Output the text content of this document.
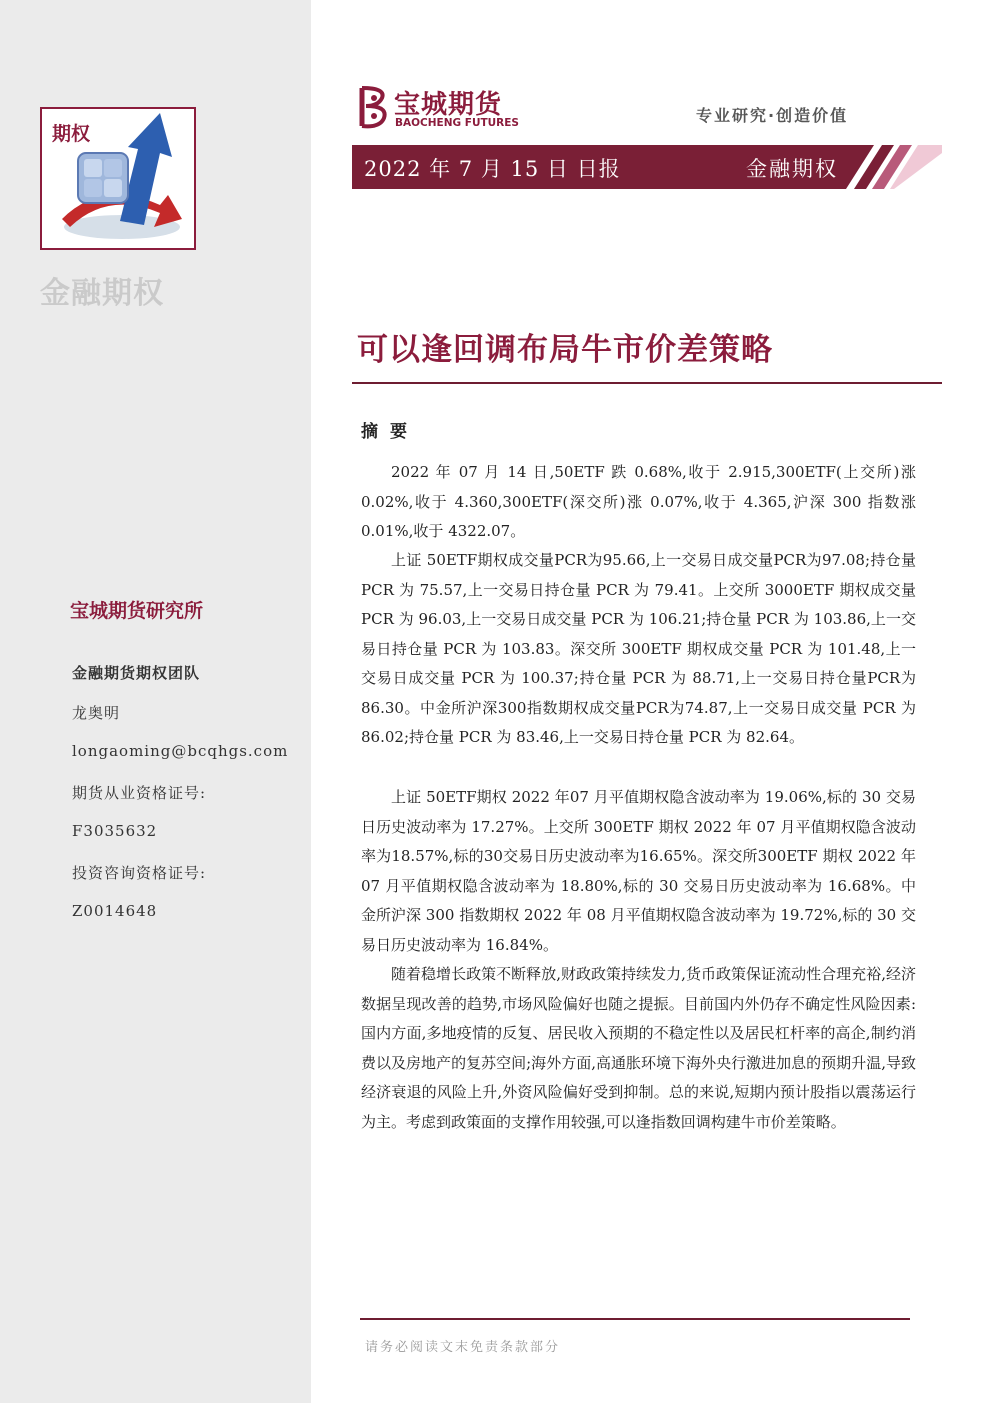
期权
金融期权
宝城期货研究所
金融期货期权团队
龙奥明
longaoming@bcqhgs.com
期货从业资格证号:
F3035632
投资咨询资格证号:
Z0014648
宝城期货
BAOCHENG FUTURES	专业研究·创造价值
2022 年 7 月 15 日 日报	金融期权
可以逢回调布局牛市价差策略
摘要

2022 年 07 月 14 日,50ETF 跌 0.68%,收于 2.915,300ETF(上交所)涨 0.02%,收于 4.360,300ETF(深交所)涨 0.07%,收于 4.365,沪深 300 指数涨 0.01%,收于 4322.07。

上证 50ETF期权成交量PCR为95.66,上一交易日成交量PCR为97.08;持仓量 PCR 为 75.57,上一交易日持仓量 PCR 为 79.41。上交所 3000ETF 期权成交量 PCR 为 96.03,上一交易日成交量 PCR 为 106.21;持仓量 PCR 为 103.86,上一交易日持仓量 PCR 为 103.83。深交所 300ETF 期权成交量 PCR 为 101.48,上一交易日成交量 PCR 为 100.37;持仓量 PCR 为 88.71,上一交易日持仓量PCR为86.30。中金所沪深300指数期权成交量PCR为74.87,上一交易日成交量 PCR 为 86.02;持仓量 PCR 为 83.46,上一交易日持仓量 PCR 为 82.64。

上证 50ETF期权 2022 年07 月平值期权隐含波动率为 19.06%,标的 30 交易日历史波动率为 17.27%。上交所 300ETF 期权 2022 年 07 月平值期权隐含波动率为18.57%,标的30交易日历史波动率为16.65%。深交所300ETF 期权 2022 年 07 月平值期权隐含波动率为 18.80%,标的 30 交易日历史波动率为 16.68%。中金所沪深 300 指数期权 2022 年 08 月平值期权隐含波动率为 19.72%,标的 30 交易日历史波动率为 16.84%。

随着稳增长政策不断释放,财政政策持续发力,货币政策保证流动性合理充裕,经济数据呈现改善的趋势,市场风险偏好也随之提振。目前国内外仍存不确定性风险因素:国内方面,多地疫情的反复、居民收入预期的不稳定性以及居民杠杆率的高企,制约消费以及房地产的复苏空间;海外方面,高通胀环境下海外央行激进加息的预期升温,导致经济衰退的风险上升,外资风险偏好受到抑制。总的来说,短期内预计股指以震荡运行为主。考虑到政策面的支撑作用较强,可以逢指数回调构建牛市价差策略。

请务必阅读文末免责条款部分
